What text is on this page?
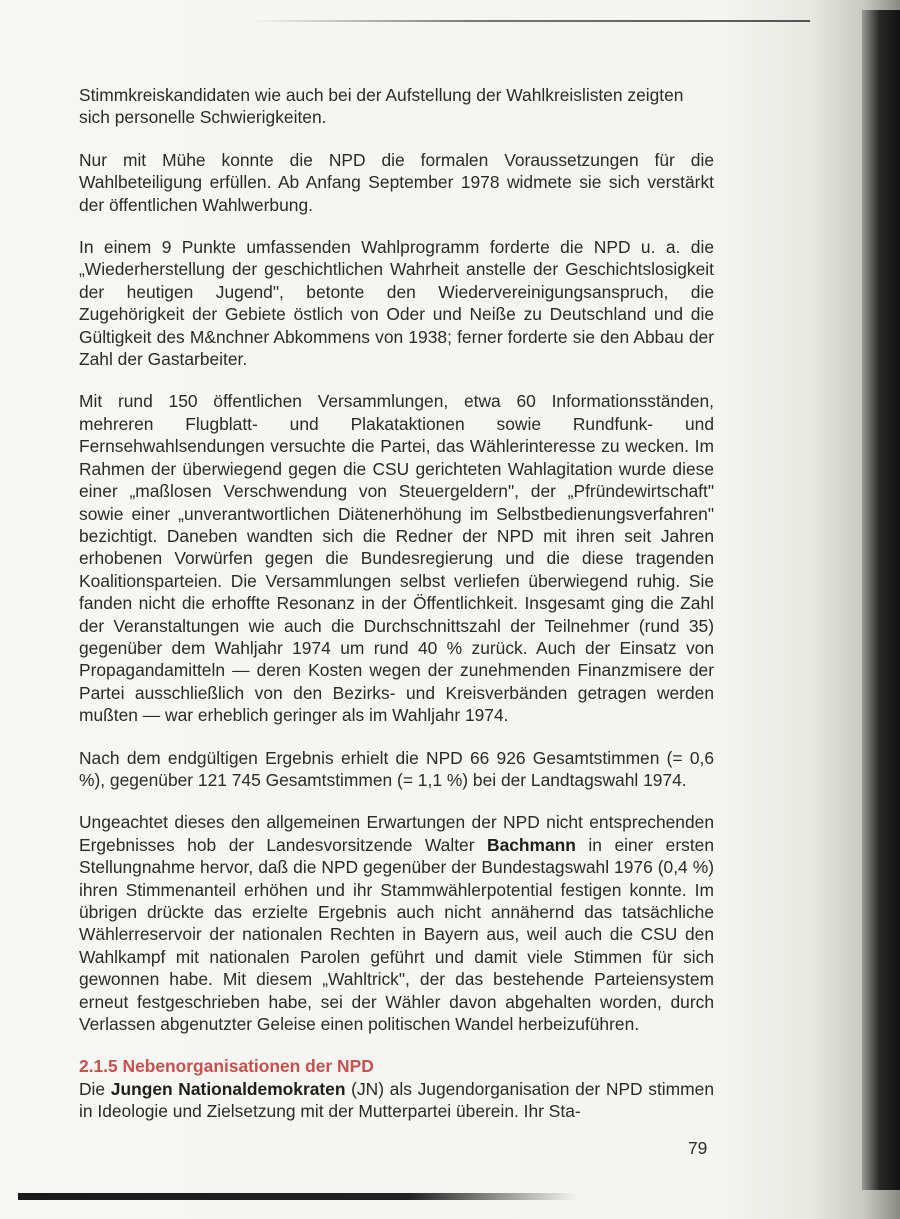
Stimmkreiskandidaten wie auch bei der Aufstellung der Wahlkreislisten zeigten sich personelle Schwierigkeiten.

Nur mit Mühe konnte die NPD die formalen Voraussetzungen für die Wahlbeteiligung erfüllen. Ab Anfang September 1978 widmete sie sich verstärkt der öffentlichen Wahlwerbung.

In einem 9 Punkte umfassenden Wahlprogramm forderte die NPD u. a. die „Wiederherstellung der geschichtlichen Wahrheit anstelle der Geschichtslosigkeit der heutigen Jugend", betonte den Wiedervereinigungsanspruch, die Zugehörigkeit der Gebiete östlich von Oder und Neiße zu Deutschland und die Gültigkeit des M&nchner Abkommens von 1938; ferner forderte sie den Abbau der Zahl der Gastarbeiter.

Mit rund 150 öffentlichen Versammlungen, etwa 60 Informationsständen, mehreren Flugblatt- und Plakataktionen sowie Rundfunk- und Fernsehwahlsendungen versuchte die Partei, das Wählerinteresse zu wecken. Im Rahmen der überwiegend gegen die CSU gerichteten Wahlagitation wurde diese einer „maßlosen Verschwendung von Steuergeldern", der „Pfründewirtschaft" sowie einer „unverantwortlichen Diätenerhöhung im Selbstbedienungsverfahren" bezichtigt. Daneben wandten sich die Redner der NPD mit ihren seit Jahren erhobenen Vorwürfen gegen die Bundesregierung und die diese tragenden Koalitionsparteien. Die Versammlungen selbst verliefen überwiegend ruhig. Sie fanden nicht die erhoffte Resonanz in der Öffentlichkeit. Insgesamt ging die Zahl der Veranstaltungen wie auch die Durchschnittszahl der Teilnehmer (rund 35) gegenüber dem Wahljahr 1974 um rund 40 % zurück. Auch der Einsatz von Propagandamitteln — deren Kosten wegen der zunehmenden Finanzmisere der Partei ausschließlich von den Bezirks- und Kreisverbänden getragen werden mußten — war erheblich geringer als im Wahljahr 1974.

Nach dem endgültigen Ergebnis erhielt die NPD 66 926 Gesamtstimmen (= 0,6 %), gegenüber 121 745 Gesamtstimmen (= 1,1 %) bei der Landtagswahl 1974.

Ungeachtet dieses den allgemeinen Erwartungen der NPD nicht entsprechenden Ergebnisses hob der Landesvorsitzende Walter Bachmann in einer ersten Stellungnahme hervor, daß die NPD gegenüber der Bundestagswahl 1976 (0,4 %) ihren Stimmenanteil erhöhen und ihr Stammwählerpotential festigen konnte. Im übrigen drückte das erzielte Ergebnis auch nicht annähernd das tatsächliche Wählerreservoir der nationalen Rechten in Bayern aus, weil auch die CSU den Wahlkampf mit nationalen Parolen geführt und damit viele Stimmen für sich gewonnen habe. Mit diesem „Wahltrick", der das bestehende Parteiensystem erneut festgeschrieben habe, sei der Wähler davon abgehalten worden, durch Verlassen abgenutzter Geleise einen politischen Wandel herbeizuführen.

2.1.5 Nebenorganisationen der NPD

Die Jungen Nationaldemokraten (JN) als Jugendorganisation der NPD stimmen in Ideologie und Zielsetzung mit der Mutterpartei überein. Ihr Sta-

79
